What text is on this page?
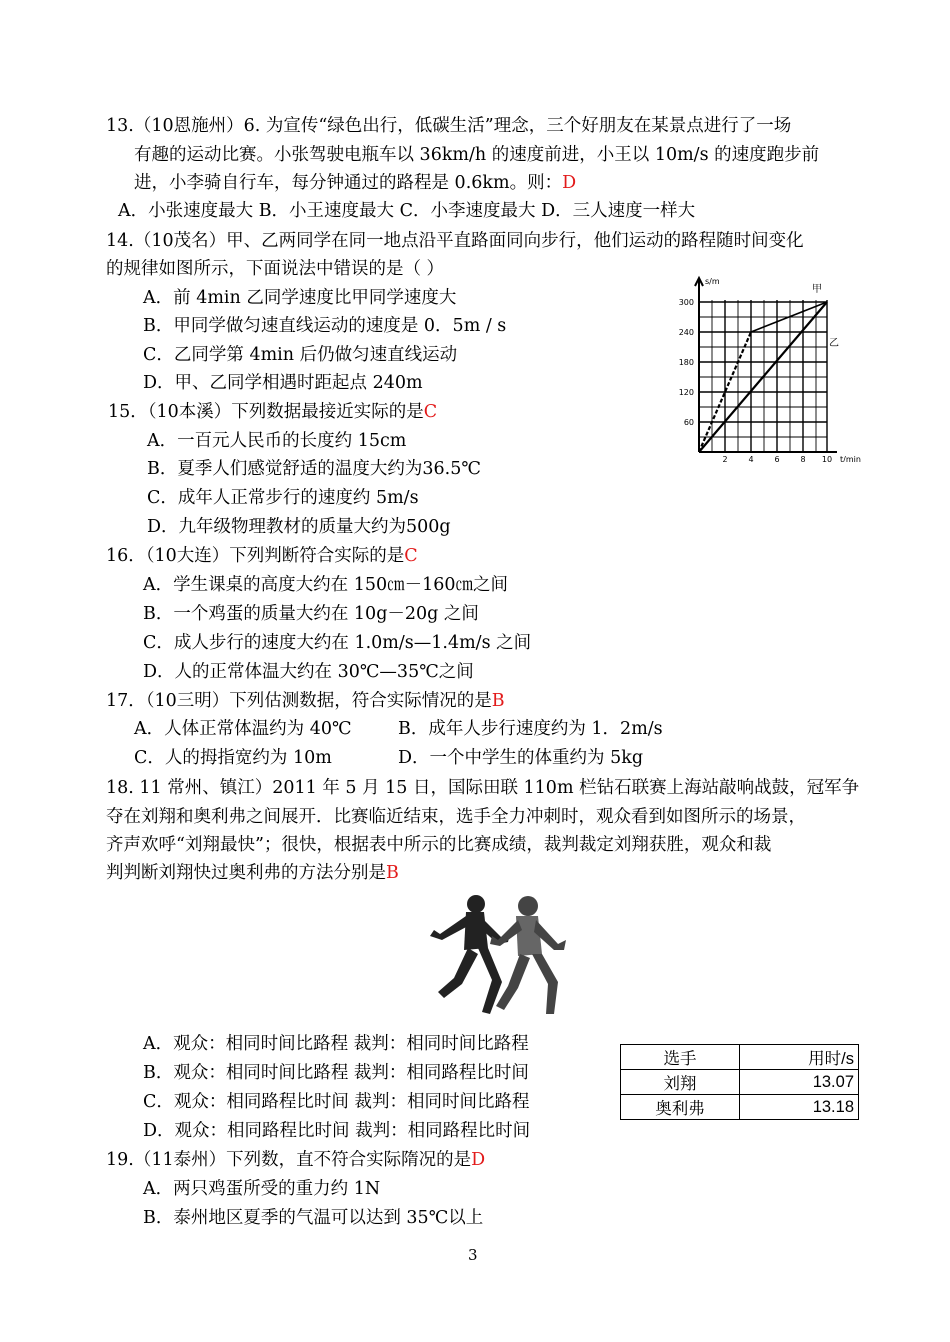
13.（10恩施州）6. 为宣传“绿色出行，低碳生活”理念，三个好朋友在某景点进行了一场
有趣的运动比赛。小张驾驶电瓶车以 36km/h 的速度前进，小王以 10m/s 的速度跑步前
进，小李骑自行车，每分钟通过的路程是 0.6km。则：D
A．小张速度最大 B．小王速度最大 C．小李速度最大 D．三人速度一样大
14.（10茂名）甲、乙两同学在同一地点沿平直路面同向步行，他们运动的路程随时间变化
的规律如图所示，下面说法中错误的是（ ）
A．前 4min 乙同学速度比甲同学速度大
B．甲同学做匀速直线运动的速度是 0．5m / s
C．乙同学第 4min 后仍做匀速直线运动
D．甲、乙同学相遇时距起点 240m
300
240
180
120
60
2	4	6	8 10
s/m
t/min
甲
乙
15．（10本溪）下列数据最接近实际的是C
A．一百元人民币的长度约 15cm
B．夏季人们感觉舒适的温度大约为36.5℃
C．成年人正常步行的速度约 5m/s
D．九年级物理教材的质量大约为500g
16．（10大连）下列判断符合实际的是C
A．学生课桌的高度大约在 150㎝－160㎝之间
B．一个鸡蛋的质量大约在 10g－20g 之间
C．成人步行的速度大约在 1.0m/s—1.4m/s 之间
D．人的正常体温大约在 30℃—35℃之间
17．（10三明）下列估测数据，符合实际情况的是B
A．人体正常体温约为 40℃	B．成年人步行速度约为 1．2m/s
C．人的拇指宽约为 10m	D．一个中学生的体重约为 5kg
18. 11 常州、镇江）2011 年 5 月 15 日，国际田联 110m 栏钻石联赛上海站敲响战鼓，冠军争
夺在刘翔和奥利弗之间展开．比赛临近结束，选手全力冲刺时，观众看到如图所示的场景，
齐声欢呼“刘翔最快”；很快，根据表中所示的比赛成绩，裁判裁定刘翔获胜，观众和裁
判判断刘翔快过奥利弗的方法分别是B
A．观众：相同时间比路程 裁判：相同时间比路程
B．观众：相同时间比路程 裁判：相同路程比时间
C．观众：相同路程比时间 裁判：相同时间比路程
D．观众：相同路程比时间 裁判：相同路程比时间
选手	用时/s
刘翔	13.07
奥利弗	13.18
19.（11泰州）下列数，直不符合实际隋况的是D
A．两只鸡蛋所受的重力约 1N
B．泰州地区夏季的气温可以达到 35℃以上
3
